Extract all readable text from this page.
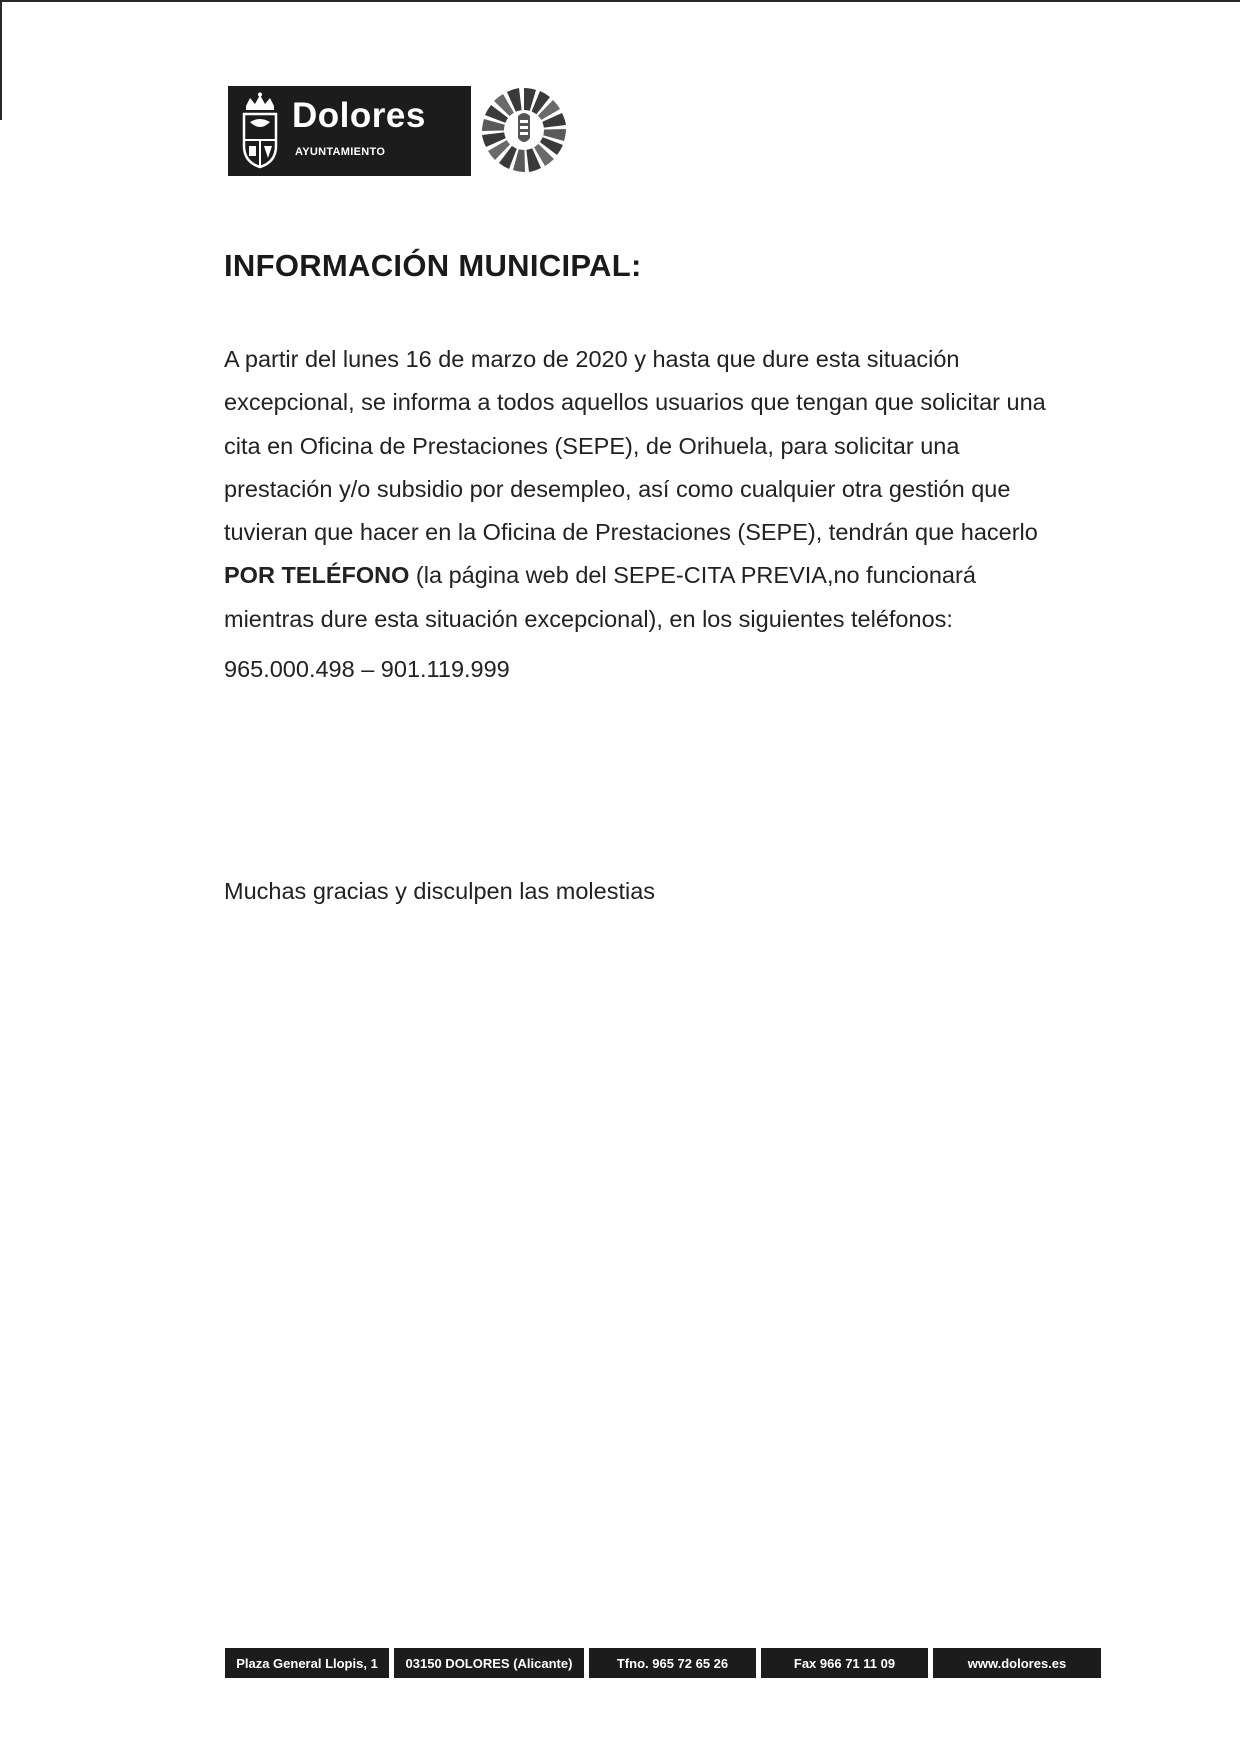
Dolores
AYUNTAMIENTO
INFORMACIÓN MUNICIPAL:

A partir del lunes 16 de marzo de 2020 y hasta que dure esta situación
excepcional, se informa a todos aquellos usuarios que tengan que solicitar una
cita en Oficina de Prestaciones (SEPE), de Orihuela, para solicitar una
prestación y/o subsidio por desempleo, así como cualquier otra gestión que
tuvieran que hacer en la Oficina de Prestaciones (SEPE), tendrán que hacerlo
POR TELÉFONO (la página web del SEPE-CITA PREVIA,no funcionará
mientras dure esta situación excepcional), en los siguientes teléfonos:

965.000.498 – 901.119.999

Muchas gracias y disculpen las molestias

Plaza General Llopis, 1	03150 DOLORES (Alicante)	Tfno. 965 72 65 26	Fax 966 71 11 09	www.dolores.es
